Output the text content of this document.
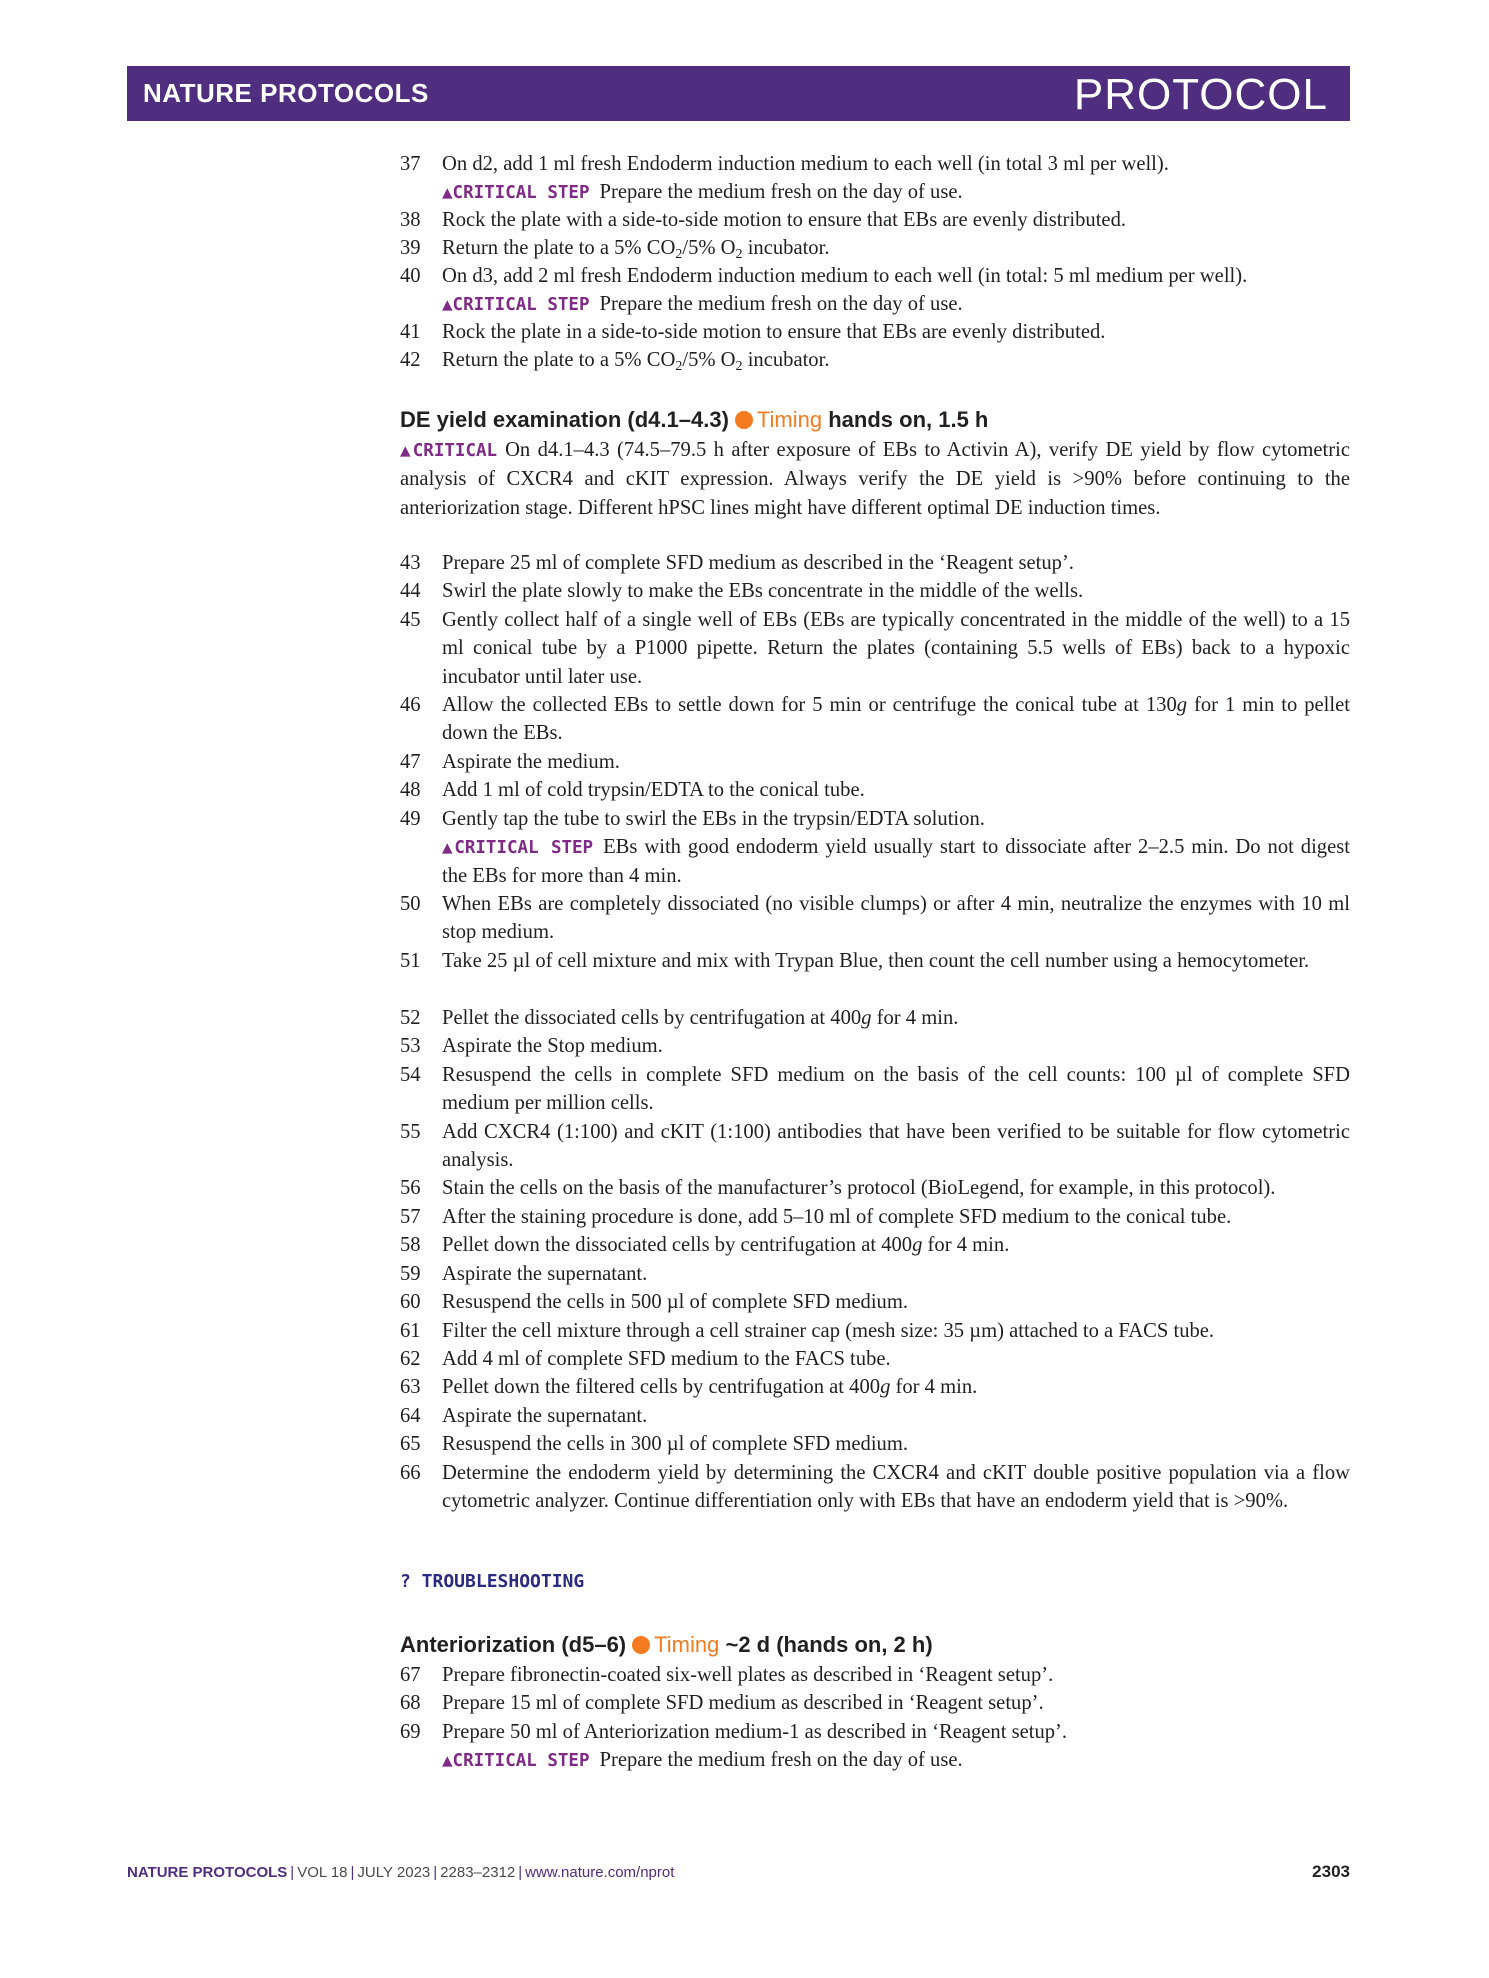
NATURE PROTOCOLS	PROTOCOL
37	On d2, add 1 ml fresh Endoderm induction medium to each well (in total 3 ml per well).
▲CRITICAL STEP Prepare the medium fresh on the day of use.
38	Rock the plate with a side-to-side motion to ensure that EBs are evenly distributed.
39	Return the plate to a 5% $CO_2/5\%$ $O_2$ incubator.
40	On d3, add 2 ml fresh Endoderm induction medium to each well (in total: 5 ml medium per well).
▲CRITICAL STEP Prepare the medium fresh on the day of use.
41	Rock the plate in a side-to-side motion to ensure that EBs are evenly distributed.
42	Return the plate to a 5% $CO_2/5\%$ $O_2$ incubator.
DE yield examination (d4.1–4.3) Timing hands on, 1.5 h
▲CRITICAL On d4.1–4.3 (74.5–79.5 h after exposure of EBs to Activin A), verify DE yield by flow cytometric analysis of CXCR4 and cKIT expression. Always verify the DE yield is >90% before continuing to the anteriorization stage. Different hPSC lines might have different optimal DE induction times.
43	Prepare 25 ml of complete SFD medium as described in the ‘Reagent setup’.
44	Swirl the plate slowly to make the EBs concentrate in the middle of the wells.
45	Gently collect half of a single well of EBs (EBs are typically concentrated in the middle of the well) to a 15 ml conical tube by a P1000 pipette. Return the plates (containing 5.5 wells of EBs) back to a hypoxic incubator until later use.
46	Allow the collected EBs to settle down for 5 min or centrifuge the conical tube at 130g for 1 min to pellet down the EBs.
47	Aspirate the medium.
48	Add 1 ml of cold trypsin/EDTA to the conical tube.
49	Gently tap the tube to swirl the EBs in the trypsin/EDTA solution.
▲CRITICAL STEP EBs with good endoderm yield usually start to dissociate after 2–2.5 min. Do not digest the EBs for more than 4 min.
50	When EBs are completely dissociated (no visible clumps) or after 4 min, neutralize the enzymes with 10 ml stop medium.
51	Take 25 µl of cell mixture and mix with Trypan Blue, then count the cell number using a hemocytometer.
52	Pellet the dissociated cells by centrifugation at 400g for 4 min.
53	Aspirate the Stop medium.
54	Resuspend the cells in complete SFD medium on the basis of the cell counts: 100 µl of complete SFD medium per million cells.
55	Add CXCR4 (1:100) and cKIT (1:100) antibodies that have been verified to be suitable for flow cytometric analysis.
56	Stain the cells on the basis of the manufacturer’s protocol (BioLegend, for example, in this protocol).
57	After the staining procedure is done, add 5–10 ml of complete SFD medium to the conical tube.
58	Pellet down the dissociated cells by centrifugation at 400g for 4 min.
59	Aspirate the supernatant.
60	Resuspend the cells in 500 µl of complete SFD medium.
61	Filter the cell mixture through a cell strainer cap (mesh size: 35 µm) attached to a FACS tube.
62	Add 4 ml of complete SFD medium to the FACS tube.
63	Pellet down the filtered cells by centrifugation at 400g for 4 min.
64	Aspirate the supernatant.
65	Resuspend the cells in 300 µl of complete SFD medium.
66	Determine the endoderm yield by determining the CXCR4 and cKIT double positive population via a flow cytometric analyzer. Continue differentiation only with EBs that have an endoderm yield that is >90%.
? TROUBLESHOOTING
Anteriorization (d5–6) Timing ~2 d (hands on, 2 h)
67	Prepare fibronectin-coated six-well plates as described in ‘Reagent setup’.
68	Prepare 15 ml of complete SFD medium as described in ‘Reagent setup’.
69	Prepare 50 ml of Anteriorization medium-1 as described in ‘Reagent setup’.
▲CRITICAL STEP Prepare the medium fresh on the day of use.
NATURE PROTOCOLS | VOL 18 | JULY 2023 | 2283–2312 | www.nature.com/nprot	2303
